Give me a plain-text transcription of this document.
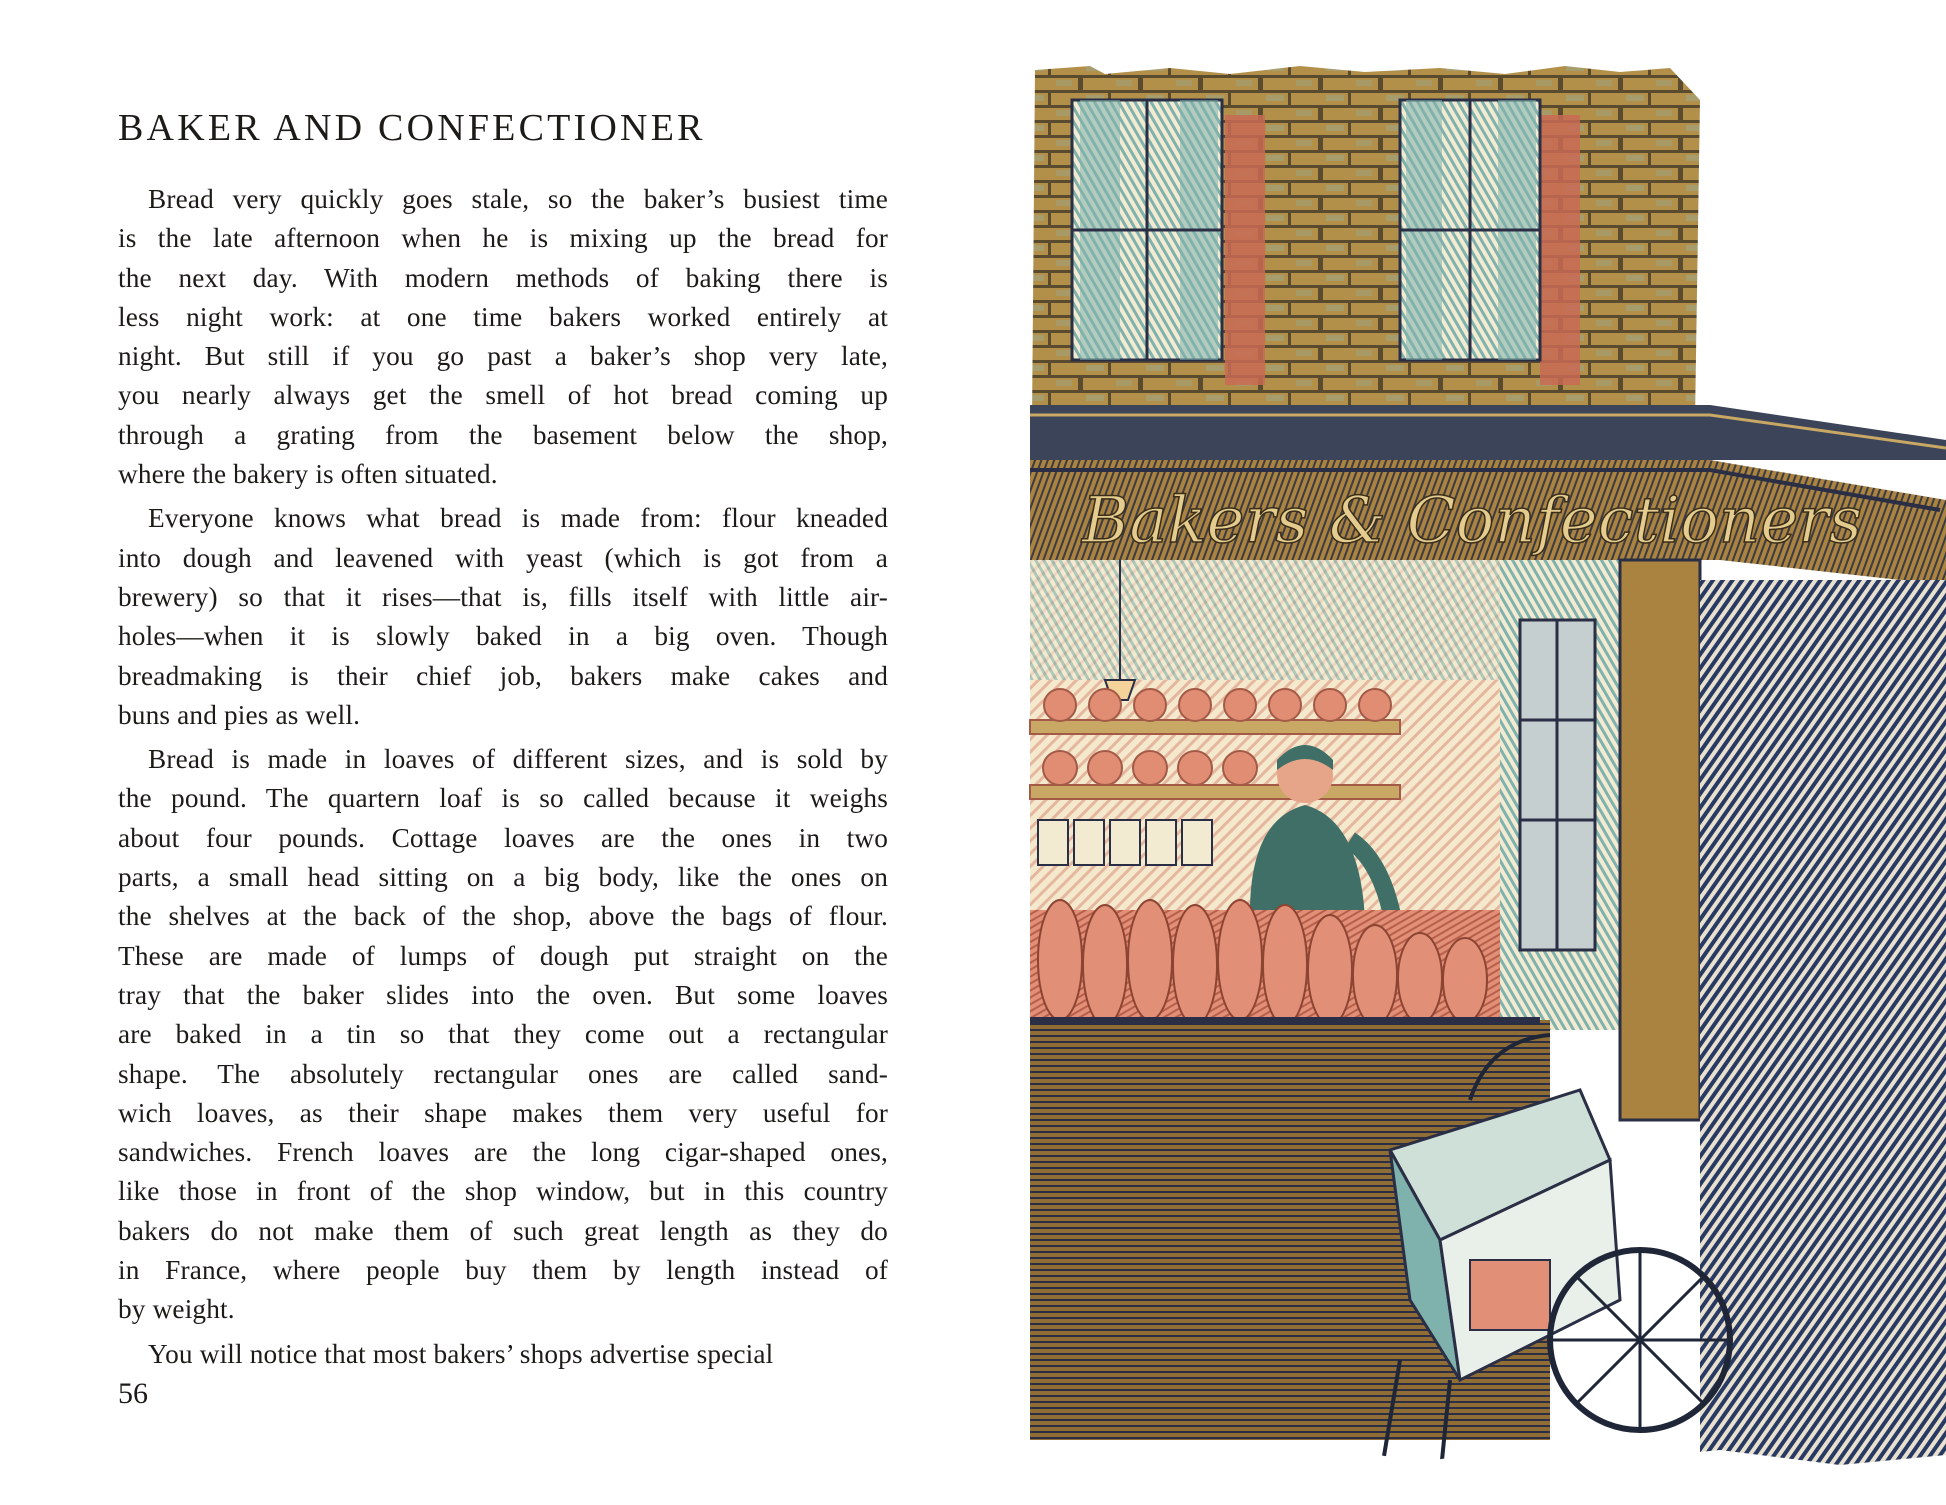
BAKER AND CONFECTIONER
Bread very quickly goes stale, so the baker’s busiest time
is the late afternoon when he is mixing up the bread for
the next day. With modern methods of baking there is
less night work: at one time bakers worked entirely at
night. But still if you go past a baker’s shop very late,
you nearly always get the smell of hot bread coming up
through a grating from the basement below the shop,
where the bakery is often situated.
Everyone knows what bread is made from: flour kneaded
into dough and leavened with yeast (which is got from a
brewery) so that it rises—that is, fills itself with little air-
holes—when it is slowly baked in a big oven. Though
breadmaking is their chief job, bakers make cakes and
buns and pies as well.
Bread is made in loaves of different sizes, and is sold by
the pound. The quartern loaf is so called because it weighs
about four pounds. Cottage loaves are the ones in two
parts, a small head sitting on a big body, like the ones on
the shelves at the back of the shop, above the bags of flour.
These are made of lumps of dough put straight on the
tray that the baker slides into the oven. But some loaves
are baked in a tin so that they come out a rectangular
shape. The absolutely rectangular ones are called sand-
wich loaves, as their shape makes them very useful for
sandwiches. French loaves are the long cigar-shaped ones,
like those in front of the shop window, but in this country
bakers do not make them of such great length as they do
in France, where people buy them by length instead of
by weight.
You will notice that most bakers’ shops advertise special
56
Bakers & Confectioners
